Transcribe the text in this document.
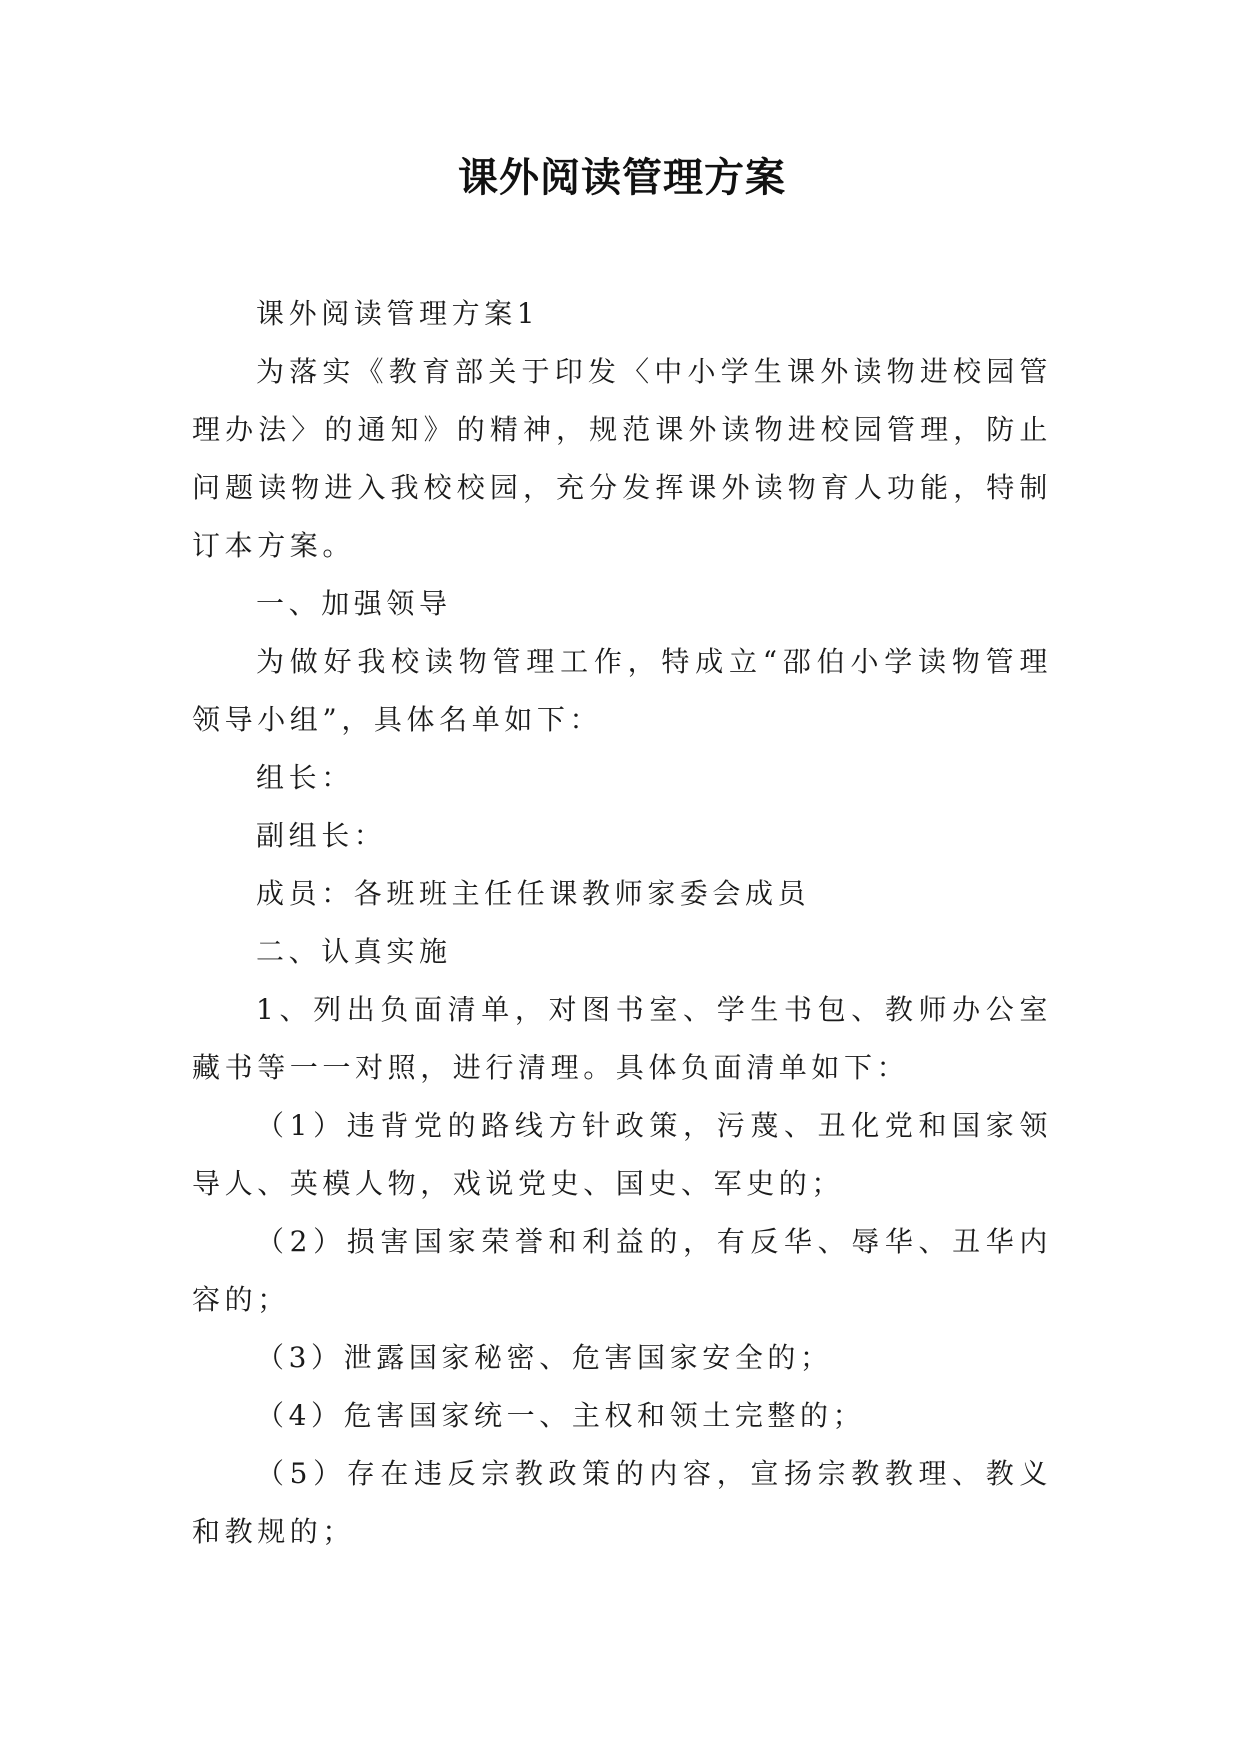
课外阅读管理方案

课外阅读管理方案1

为落实《教育部关于印发〈中小学生课外读物进校园管理办法〉的通知》的精神，规范课外读物进校园管理，防止问题读物进入我校校园，充分发挥课外读物育人功能，特制订本方案。

一、加强领导

为做好我校读物管理工作，特成立“邵伯小学读物管理领导小组”，具体名单如下：

组长：

副组长：

成员：各班班主任任课教师家委会成员

二、认真实施

1、列出负面清单，对图书室、学生书包、教师办公室藏书等一一对照，进行清理。具体负面清单如下：

（1）违背党的路线方针政策，污蔑、丑化党和国家领导人、英模人物，戏说党史、国史、军史的；

（2）损害国家荣誉和利益的，有反华、辱华、丑华内容的；

（3）泄露国家秘密、危害国家安全的；

（4）危害国家统一、主权和领土完整的；

（5）存在违反宗教政策的内容，宣扬宗教教理、教义和教规的；
